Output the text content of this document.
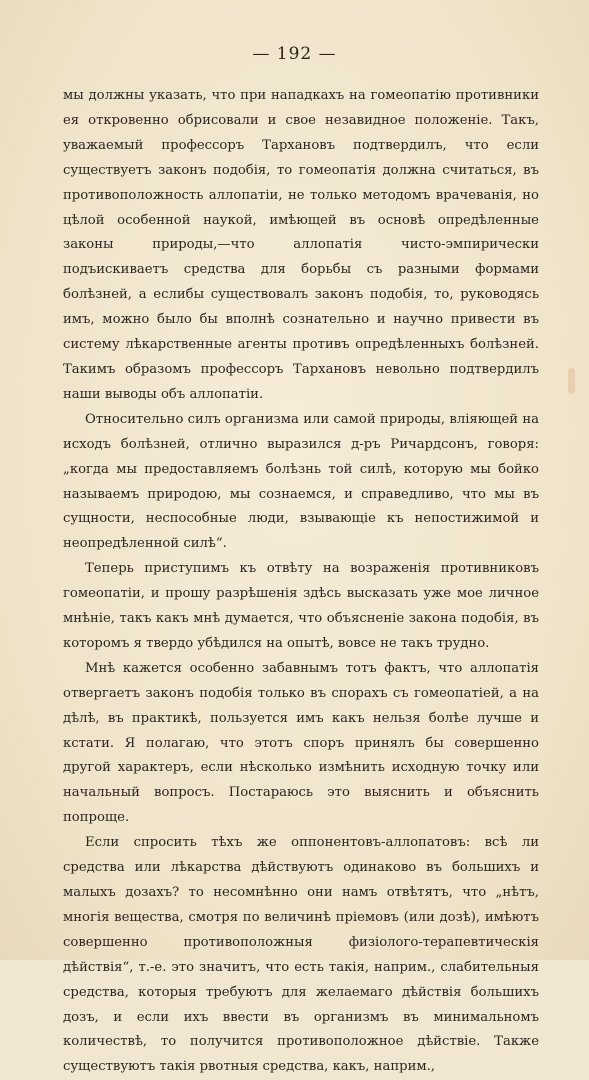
— 192 —

мы должны указать, что при нападкахъ на гомеопатію противники ея откровенно обрисовали и свое незавидное положеніе. Такъ, уважаемый профессоръ Тархановъ подтвердилъ, что если существуетъ законъ подобія, то гомеопатія должна считаться, въ противоположность аллопатіи, не только методомъ врачеванія, но цѣлой особенной наукой, имѣющей въ основѣ опредѣленные законы природы,—что аллопатія чисто-эмпирически подъискиваетъ средства для борьбы съ разными формами болѣзней, а еслибы существовалъ законъ подобія, то, руководясь имъ, можно было бы вполнѣ сознательно и научно привести въ систему лѣкарственные агенты противъ опредѣленныхъ болѣзней. Такимъ образомъ профессоръ Тархановъ невольно подтвердилъ наши выводы объ аллопатіи.

Относительно силъ организма или самой природы, вліяющей на исходъ болѣзней, отлично выразился д-ръ Ричардсонъ, говоря: „когда мы предоставляемъ болѣзнь той силѣ, которую мы бойко называемъ природою, мы сознаемся, и справедливо, что мы въ сущности, неспособные люди, взывающіе къ непостижимой и неопредѣленной силѣ“.

Теперь приступимъ къ отвѣту на возраженія противниковъ гомеопатіи, и прошу разрѣшенія здѣсь высказать уже мое личное мнѣніе, такъ какъ мнѣ думается, что объясненіе закона подобія, въ которомъ я твердо убѣдился на опытѣ, вовсе не такъ трудно.

Мнѣ кажется особенно забавнымъ тотъ фактъ, что аллопатія отвергаетъ законъ подобія только въ спорахъ съ гомеопатіей, а на дѣлѣ, въ практикѣ, пользуется имъ какъ нельзя болѣе лучше и кстати. Я полагаю, что этотъ споръ принялъ бы совершенно другой характеръ, если нѣсколько измѣнить исходную точку или начальный вопросъ. Постараюсь это выяснить и объяснить попроще.

Если спросить тѣхъ же оппонентовъ-аллопатовъ: всѣ ли средства или лѣкарства дѣйствуютъ одинаково въ большихъ и малыхъ дозахъ? то несомнѣнно они намъ отвѣтятъ, что „нѣтъ, многія вещества, смотря по величинѣ пріемовъ (или дозѣ), имѣютъ совершенно противоположныя физіолого-терапевтическія дѣйствія“, т.-е. это значитъ, что есть такія, наприм., слабительныя средства, которыя требуютъ для желаемаго дѣйствія большихъ дозъ, и если ихъ ввести въ организмъ въ минимальномъ количествѣ, то получится противоположное дѣйствіе. Также существуютъ такія рвотныя средства, какъ, наприм.,
